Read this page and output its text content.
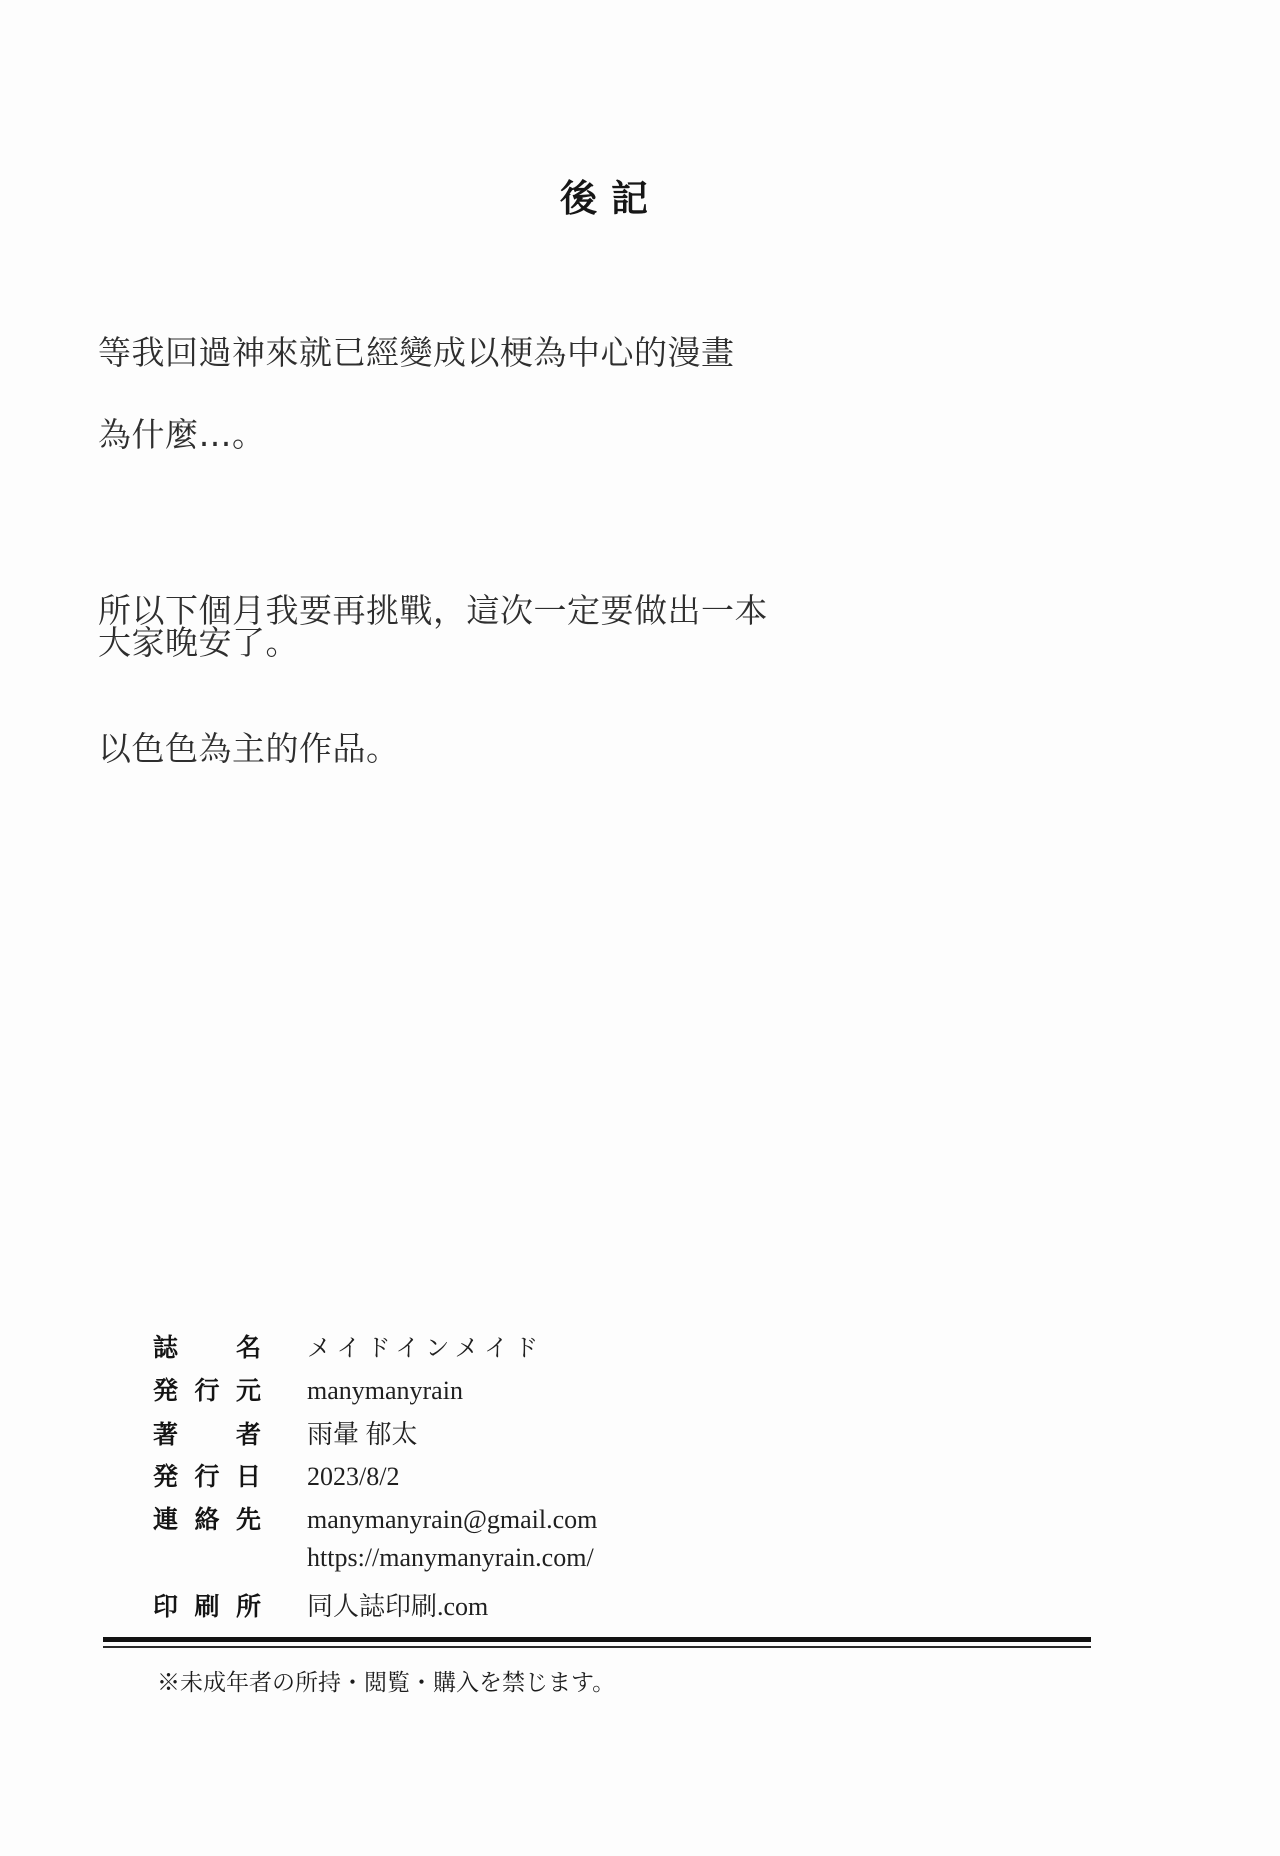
後記
等我回過神來就已經變成以梗為中心的漫畫
為什麼…。

所以下個月我要再挑戰，這次一定要做出一本

以色色為主的作品。

大家晚安了。
誌名 メイドインメイド
発行元 manymanyrain
著者 雨暈 郁太
発行日 2023/8/2
連絡先 manymanyrain@gmail.com
https://manymanyrain.com/
印刷所 同人誌印刷.com
※未成年者の所持・閲覧・購入を禁じます。
